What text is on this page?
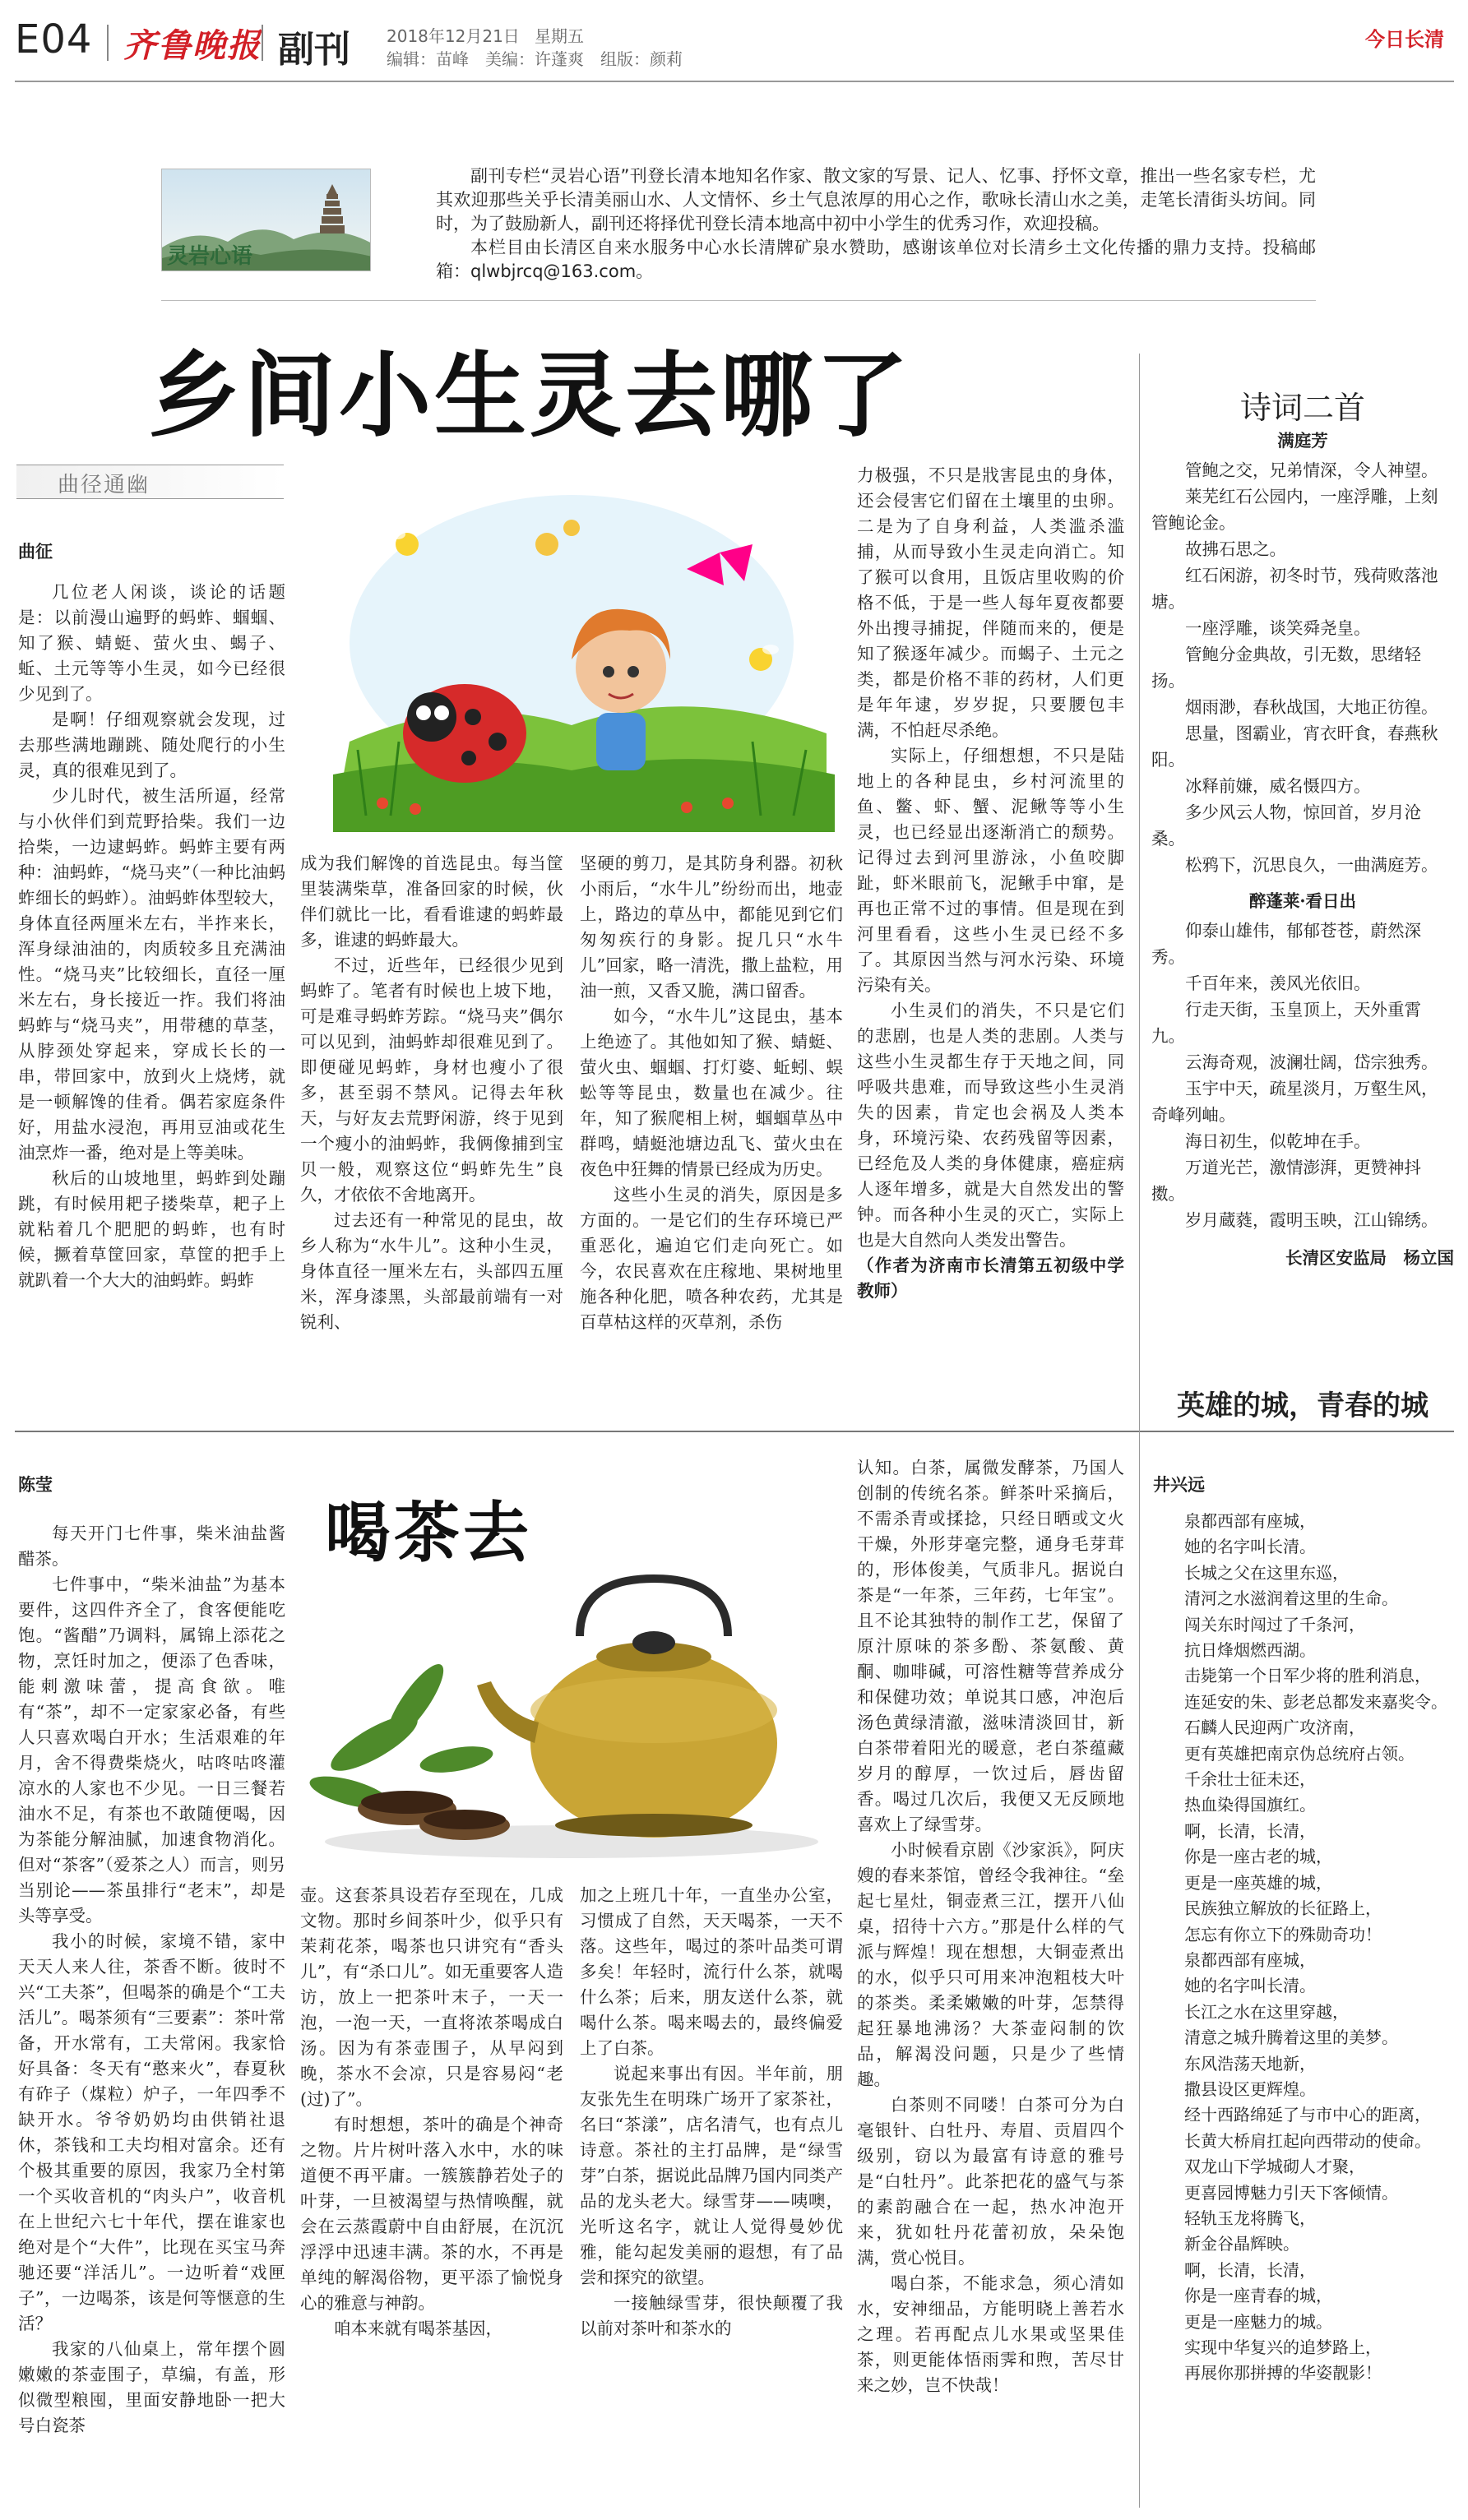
E04 齐鲁晚报 副刊 2018年12月21日 星期五
编辑：苗峰　美编：许蓬爽　组版：颜莉
今日长清
灵岩心语

副刊专栏“灵岩心语”刊登长清本地知名作家、散文家的写景、记人、忆事、抒怀文章，推出一些名家专栏，尤其欢迎那些关乎长清美丽山水、人文情怀、乡土气息浓厚的用心之作，歌咏长清山水之美，走笔长清街头坊间。同时，为了鼓励新人，副刊还将择优刊登长清本地高中初中小学生的优秀习作，欢迎投稿。

本栏目由长清区自来水服务中心水长清牌矿泉水赞助，感谢该单位对长清乡土文化传播的鼎力支持。投稿邮箱：qlwbjrcq@163.com。

乡间小生灵去哪了
曲径通幽
曲征

几位老人闲谈，谈论的话题是：以前漫山遍野的蚂蚱、蝈蝈、知了猴、蜻蜓、萤火虫、蝎子、蚯、土元等等小生灵，如今已经很少见到了。

是啊！仔细观察就会发现，过去那些满地蹦跳、随处爬行的小生灵，真的很难见到了。

少儿时代，被生活所逼，经常与小伙伴们到荒野拾柴。我们一边拾柴，一边逮蚂蚱。蚂蚱主要有两种：油蚂蚱，“烧马夹”（一种比油蚂蚱细长的蚂蚱）。油蚂蚱体型较大，身体直径两厘米左右，半拃来长，浑身绿油油的，肉质较多且充满油性。“烧马夹”比较细长，直径一厘米左右，身长接近一拃。我们将油蚂蚱与“烧马夹”，用带穗的草茎，从脖颈处穿起来，穿成长长的一串，带回家中，放到火上烧烤，就是一顿解馋的佳肴。偶若家庭条件好，用盐水浸泡，再用豆油或花生油烹炸一番，绝对是上等美味。

秋后的山坡地里，蚂蚱到处蹦跳，有时候用耙子搂柴草，耙子上就粘着几个肥肥的蚂蚱，也有时候，撅着草筐回家，草筐的把手上就趴着一个大大的油蚂蚱。蚂蚱

成为我们解馋的首选昆虫。每当筐里装满柴草，准备回家的时候，伙伴们就比一比，看看谁逮的蚂蚱最多，谁逮的蚂蚱最大。

不过，近些年，已经很少见到蚂蚱了。笔者有时候也上坡下地，可是难寻蚂蚱芳踪。“烧马夹”偶尔可以见到，油蚂蚱却很难见到了。即便碰见蚂蚱，身材也瘦小了很多，甚至弱不禁风。记得去年秋天，与好友去荒野闲游，终于见到一个瘦小的油蚂蚱，我俩像捕到宝贝一般，观察这位“蚂蚱先生”良久，才依依不舍地离开。

过去还有一种常见的昆虫，故乡人称为“水牛儿”。这种小生灵，身体直径一厘米左右，头部四五厘米，浑身漆黑，头部最前端有一对锐利、

坚硬的剪刀，是其防身利器。初秋小雨后，“水牛儿”纷纷而出，地壶上，路边的草丛中，都能见到它们匆匆疾行的身影。捉几只“水牛儿”回家，略一清洗，撒上盐粒，用油一煎，又香又脆，满口留香。

如今，“水牛儿”这昆虫，基本上绝迹了。其他如知了猴、蜻蜓、萤火虫、蝈蝈、打灯婆、蚯蚓、蜈蚣等等昆虫，数量也在减少。往年，知了猴爬相上树，蝈蝈草丛中群鸣，蜻蜓池塘边乱飞、萤火虫在夜色中狂舞的情景已经成为历史。

这些小生灵的消失，原因是多方面的。一是它们的生存环境已严重恶化，遍迫它们走向死亡。如今，农民喜欢在庄稼地、果树地里施各种化肥，喷各种农药，尤其是百草枯这样的灭草剂，杀伤

力极强，不只是戕害昆虫的身体，还会侵害它们留在土壤里的虫卵。二是为了自身利益，人类滥杀滥捕，从而导致小生灵走向消亡。知了猴可以食用，且饭店里收购的价格不低，于是一些人每年夏夜都要外出搜寻捕捉，伴随而来的，便是知了猴逐年减少。而蝎子、土元之类，都是价格不菲的药材，人们更是年年逮，岁岁捉，只要腰包丰满，不怕赶尽杀绝。

实际上，仔细想想，不只是陆地上的各种昆虫，乡村河流里的鱼、鳖、虾、蟹、泥鳅等等小生灵，也已经显出逐渐消亡的颓势。记得过去到河里游泳，小鱼咬脚趾，虾米眼前飞，泥鳅手中窜，是再也正常不过的事情。但是现在到河里看看，这些小生灵已经不多了。其原因当然与河水污染、环境污染有关。

小生灵们的消失，不只是它们的悲剧，也是人类的悲剧。人类与这些小生灵都生存于天地之间，同呼吸共患难，而导致这些小生灵消失的因素，肯定也会祸及人类本身，环境污染、农药残留等因素，已经危及人类的身体健康，癌症病人逐年增多，就是大自然发出的警钟。而各种小生灵的灭亡，实际上也是大自然向人类发出警告。

（作者为济南市长清第五初级中学教师）

诗词二首

满庭芳

管鲍之交，兄弟情深，令人神望。

莱芜红石公园内，一座浮雕，上刻管鲍论金。

故拂石思之。

红石闲游，初冬时节，残荷败落池塘。

一座浮雕，谈笑舜尧皇。

管鲍分金典故，引无数，思绪轻扬。

烟雨渺，春秋战国，大地正彷徨。

思量，图霸业，宵衣旰食，春燕秋阳。

冰释前嫌，威名慑四方。

多少风云人物，惊回首，岁月沧桑。

松鸦下，沉思良久，一曲满庭芳。

醉蓬莱·看日出

仰泰山雄伟，郁郁苍苍，蔚然深秀。

千百年来，羡风光依旧。

行走天街，玉皇顶上，天外重霄九。

云海奇观，波澜壮阔，岱宗独秀。

玉宇中天，疏星淡月，万壑生风，奇峰列岫。

海日初生，似乾坤在手。

万道光芒，激情澎湃，更赞神抖擞。

岁月蔵蕤，霞明玉映，江山锦绣。

长清区安监局　杨立国

陈莹
喝茶去

每天开门七件事，柴米油盐酱醋茶。

七件事中，“柴米油盐”为基本要件，这四件齐全了，食客便能吃饱。“酱醋”乃调料，属锦上添花之物，烹饪时加之，便添了色香味，能刺激味蕾，提高食欲。唯有“茶”，却不一定家家必备，有些人只喜欢喝白开水；生活艰难的年月，舍不得费柴烧火，咕咚咕咚灌凉水的人家也不少见。一日三餐若油水不足，有茶也不敢随便喝，因为茶能分解油腻，加速食物消化。但对“茶客”（爱茶之人）而言，则另当别论——茶虽排行“老末”，却是头等享受。

我小的时候，家境不错，家中天天人来人往，茶香不断。彼时不兴“工夫茶”，但喝茶的确是个“工夫活儿”。喝茶须有“三要素”：茶叶常备，开水常有，工夫常闲。我家恰好具备：冬天有“憨来火”，春夏秋有砟子（煤粒）炉子，一年四季不缺开水。爷爷奶奶均由供销社退休，茶钱和工夫均相对富余。还有个极其重要的原因，我家乃全村第一个买收音机的“肉头户”，收音机在上世纪六七十年代，摆在谁家也绝对是个“大件”，比现在买宝马奔驰还要“洋活儿”。一边听着“戏匣子”，一边喝茶，该是何等惬意的生活？

我家的八仙桌上，常年摆个圆嫩嫩的茶壶围子，草编，有盖，形似微型粮囤，里面安静地卧一把大号白瓷茶

壶。这套茶具设若存至现在，几成文物。那时乡间茶叶少，似乎只有茉莉花茶，喝茶也只讲究有“香头儿”，有“杀口儿”。如无重要客人造访，放上一把茶叶末子，一天一泡，一泡一天，一直将浓茶喝成白汤。因为有茶壶围子，从早闷到晚，茶水不会凉，只是容易闷“老(过)了”。

有时想想，茶叶的确是个神奇之物。片片树叶落入水中，水的味道便不再平庸。一簇簇静若处子的叶芽，一旦被渴望与热情唤醒，就会在云蒸霞蔚中自由舒展，在沉沉浮浮中迅速丰满。茶的水，不再是单纯的解渴俗物，更平添了愉悦身心的雅意与神韵。

咱本来就有喝茶基因，

加之上班几十年，一直坐办公室，习惯成了自然，天天喝茶，一天不落。这些年，喝过的茶叶品类可谓多矣！年轻时，流行什么茶，就喝什么茶；后来，朋友送什么茶，就喝什么茶。喝来喝去的，最终偏爱上了白茶。

说起来事出有因。半年前，朋友张先生在明珠广场开了家茶社，名曰“茶漾”，店名清气，也有点儿诗意。茶社的主打品牌，是“绿雪芽”白茶，据说此品牌乃国内同类产品的龙头老大。绿雪芽——咦噢，光听这名字，就让人觉得曼妙优雅，能勾起发美丽的遐想，有了品尝和探究的欲望。

一接触绿雪芽，很快颠覆了我以前对茶叶和茶水的

认知。白茶，属微发酵茶，乃国人创制的传统名茶。鲜茶叶采摘后，不需杀青或揉捻，只经日晒或文火干燥，外形芽毫完整，通身毛芽茸的，形体俊美，气质非凡。据说白茶是“一年茶，三年药，七年宝”。且不论其独特的制作工艺，保留了原汁原味的茶多酚、茶氨酸、黄酮、咖啡碱，可溶性糖等营养成分和保健功效；单说其口感，冲泡后汤色黄绿清澈，滋味清淡回甘，新白茶带着阳光的暖意，老白茶蕴藏岁月的醇厚，一饮过后，唇齿留香。喝过几次后，我便又无反顾地喜欢上了绿雪芽。

小时候看京剧《沙家浜》，阿庆嫂的春来茶馆，曾经令我神往。“垒起七星灶，铜壶煮三江，摆开八仙桌，招待十六方。”那是什么样的气派与辉煌！现在想想，大铜壶煮出的水，似乎只可用来冲泡粗枝大叶的茶类。柔柔嫩嫩的叶芽，怎禁得起狂暴地沸汤？大茶壶闷制的饮品，解渴没问题，只是少了些情趣。

白茶则不同喽！白茶可分为白毫银针、白牡丹、寿眉、贡眉四个级别，窃以为最富有诗意的雅号是“白牡丹”。此茶把花的盛气与茶的素韵融合在一起，热水冲泡开来，犹如牡丹花蕾初放，朵朵饱满，赏心悦目。

喝白茶，不能求急，须心清如水，安神细品，方能明晓上善若水之理。若再配点儿水果或坚果佳茶，则更能体悟雨霁和煦，苦尽甘来之妙，岂不快哉！

英雄的城，青春的城
井兴远

泉都西部有座城，

她的名字叫长清。

长城之父在这里东巡，

清河之水滋润着这里的生命。

闯关东时闯过了千条河，

抗日烽烟燃西湖。

击毙第一个日军少将的胜利消息，

连延安的朱、彭老总都发来嘉奖令。

石麟人民迎两广攻济南，

更有英雄把南京伪总统府占领。

千余壮士征未还，

热血染得国旗红。

啊，长清，长清，

你是一座古老的城，

更是一座英雄的城，

民族独立解放的长征路上，

怎忘有你立下的殊勋奇功！

泉都西部有座城，

她的名字叫长清。

长江之水在这里穿越，

清意之城升腾着这里的美梦。

东风浩荡天地新，

撒县设区更辉煌。

经十西路绵延了与市中心的距离，

长黄大桥肩扛起向西带动的使命。

双龙山下学城砌人才聚，

更喜园博魅力引天下客倾情。

轻轨玉龙将腾飞，

新金谷晶辉映。

啊，长清，长清，

你是一座青春的城，

更是一座魅力的城。

实现中华复兴的追梦路上，

再展你那拼搏的华姿靓影！
